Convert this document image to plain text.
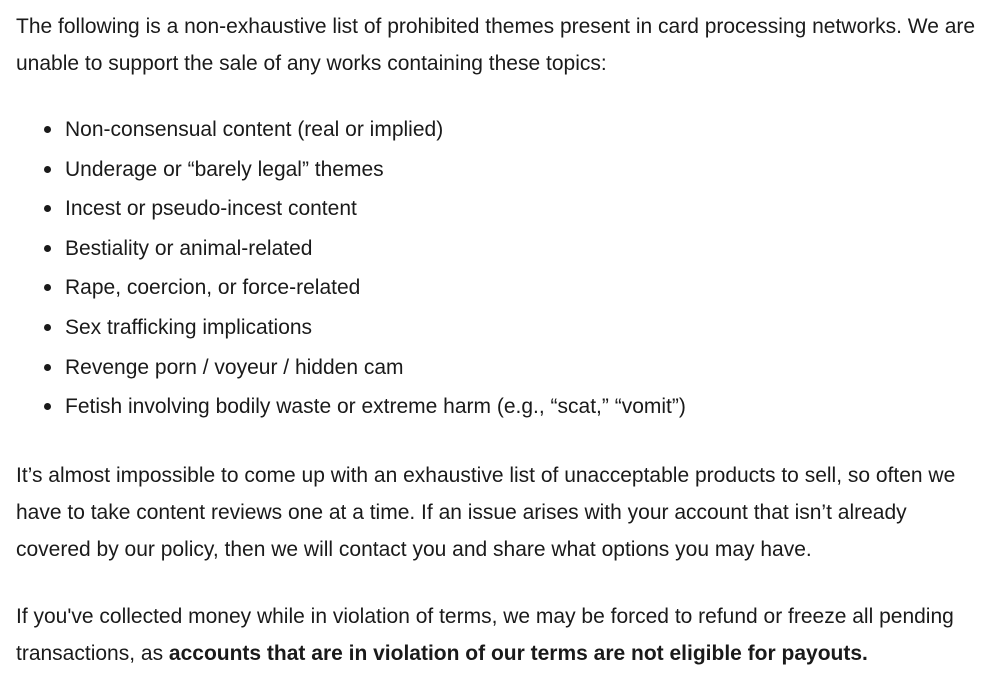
The following is a non-exhaustive list of prohibited themes present in card processing networks. We are unable to support the sale of any works containing these topics:

Non-consensual content (real or implied)
Underage or “barely legal” themes
Incest or pseudo-incest content
Bestiality or animal-related
Rape, coercion, or force-related
Sex trafficking implications
Revenge porn / voyeur / hidden cam
Fetish involving bodily waste or extreme harm (e.g., “scat,” “vomit”)

It’s almost impossible to come up with an exhaustive list of unacceptable products to sell, so often we have to take content reviews one at a time. If an issue arises with your account that isn’t already covered by our policy, then we will contact you and share what options you may have.

If you've collected money while in violation of terms, we may be forced to refund or freeze all pending transactions, as accounts that are in violation of our terms are not eligible for payouts.
